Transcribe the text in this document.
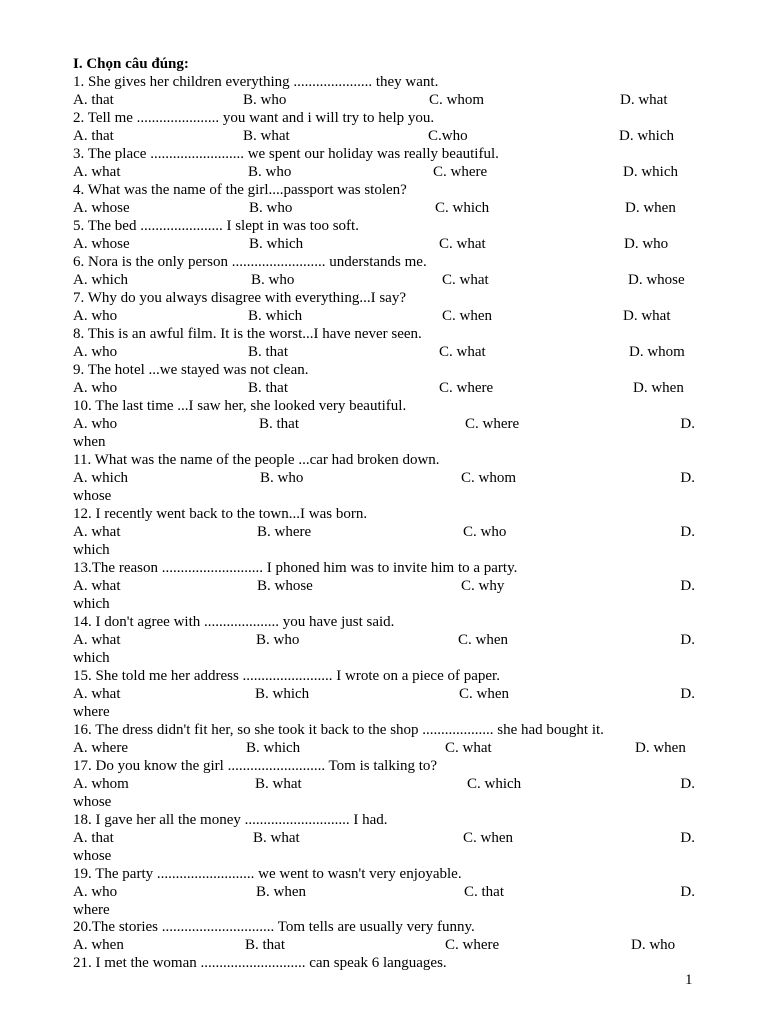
I. Chọn câu đúng:
1. She gives her children everything ..................... they want.
A. that	B. who	C. whom	D. what
2. Tell me ...................... you want and i will try to help you.
A. that	B. what	C.who	D. which
3. The place ......................... we spent our holiday was really beautiful.
A. what	B. who	C. where	D. which
4. What was the name of the girl....passport was stolen?
A. whose	B. who	C. which	D. when
5. The bed ...................... I slept in was too soft.
A. whose	B. which	C. what	D. who
6. Nora is the only person ......................... understands me.
A. which	B. who	C. what	D. whose
7. Why do you always disagree with everything...I say?
A. who	B. which	C. when	D. what
8. This is an awful film. It is the worst...I have never seen.
A. who	B. that	C. what	D. whom
9. The hotel ...we stayed was not clean.
A. who	B. that	C. where	D. when
10. The last time ...I saw her, she looked very beautiful.
A. who	B. that	C. where	D.
when
11. What was the name of the people ...car had broken down.
A. which	B. who	C. whom	D.
whose
12. I recently went back to the town...I was born.
A. what	B. where	C. who	D.
which
13.The reason ........................... I phoned him was to invite him to a party.
A. what	B. whose	C. why	D.
which
14. I don't agree with .................... you have just said.
A. what	B. who	C. when	D.
which
15. She told me her address ........................ I wrote on a piece of paper.
A. what	B. which	C. when	D.
where
16. The dress didn't fit her, so she took it back to the shop ................... she had bought it.
A. where	B. which	C. what	D. when
17. Do you know the girl .......................... Tom is talking to?
A. whom	B. what	C. which	D.
whose
18. I gave her all the money ............................ I had.
A. that	B. what	C. when	D.
whose
19. The party .......................... we went to wasn't very enjoyable.
A. who	B. when	C. that	D.
where
20.The stories .............................. Tom tells are usually very funny.
A. when	B. that	C. where	D. who
21. I met the woman ............................ can speak 6 languages.
1
